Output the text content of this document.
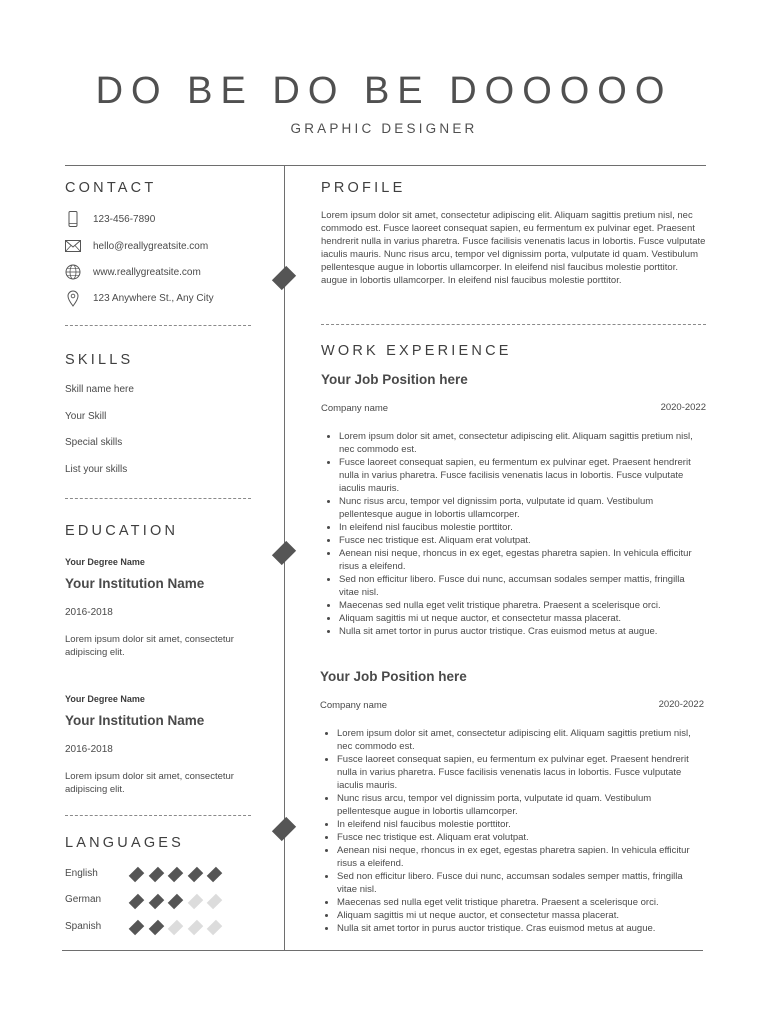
DO BE DO BE DOOOOO
GRAPHIC DESIGNER
CONTACT
123-456-7890
hello@reallygreatsite.com
www.reallygreatsite.com
123 Anywhere St., Any City
SKILLS
Skill name here
Your Skill
Special skills
List your skills
EDUCATION
Your Degree Name
Your Institution Name
2016-2018
Lorem ipsum dolor sit amet, consectetur adipiscing elit.
Your Degree Name
Your Institution Name
2016-2018
Lorem ipsum dolor sit amet, consectetur adipiscing elit.
LANGUAGES
English
German
Spanish
PROFILE
Lorem ipsum dolor sit amet, consectetur adipiscing elit. Aliquam sagittis pretium nisl, nec commodo est. Fusce laoreet consequat sapien, eu fermentum ex pulvinar eget. Praesent hendrerit nulla in varius pharetra. Fusce facilisis venenatis lacus in lobortis. Fusce vulputate iaculis mauris. Nunc risus arcu, tempor vel dignissim porta, vulputate id quam. Vestibulum pellentesque augue in lobortis ullamcorper. In eleifend nisl faucibus molestie porttitor. augue in lobortis ullamcorper. In eleifend nisl faucibus molestie porttitor.
WORK EXPERIENCE
Your Job Position here
Company name	2020-2022
• Lorem ipsum dolor sit amet, consectetur adipiscing elit. Aliquam sagittis pretium nisl, nec commodo est.
• Fusce laoreet consequat sapien, eu fermentum ex pulvinar eget. Praesent hendrerit nulla in varius pharetra. Fusce facilisis venenatis lacus in lobortis. Fusce vulputate iaculis mauris.
• Nunc risus arcu, tempor vel dignissim porta, vulputate id quam. Vestibulum pellentesque augue in lobortis ullamcorper.
• In eleifend nisl faucibus molestie porttitor.
• Fusce nec tristique est. Aliquam erat volutpat.
• Aenean nisi neque, rhoncus in ex eget, egestas pharetra sapien. In vehicula efficitur risus a eleifend.
• Sed non efficitur libero. Fusce dui nunc, accumsan sodales semper mattis, fringilla vitae nisl.
• Maecenas sed nulla eget velit tristique pharetra. Praesent a scelerisque orci.
• Aliquam sagittis mi ut neque auctor, et consectetur massa placerat.
• Nulla sit amet tortor in purus auctor tristique. Cras euismod metus at augue.
Your Job Position here
Company name	2020-2022
• Lorem ipsum dolor sit amet, consectetur adipiscing elit. Aliquam sagittis pretium nisl, nec commodo est.
• Fusce laoreet consequat sapien, eu fermentum ex pulvinar eget. Praesent hendrerit nulla in varius pharetra. Fusce facilisis venenatis lacus in lobortis. Fusce vulputate iaculis mauris.
• Nunc risus arcu, tempor vel dignissim porta, vulputate id quam. Vestibulum pellentesque augue in lobortis ullamcorper.
• In eleifend nisl faucibus molestie porttitor.
• Fusce nec tristique est. Aliquam erat volutpat.
• Aenean nisi neque, rhoncus in ex eget, egestas pharetra sapien. In vehicula efficitur risus a eleifend.
• Sed non efficitur libero. Fusce dui nunc, accumsan sodales semper mattis, fringilla vitae nisl.
• Maecenas sed nulla eget velit tristique pharetra. Praesent a scelerisque orci.
• Aliquam sagittis mi ut neque auctor, et consectetur massa placerat.
• Nulla sit amet tortor in purus auctor tristique. Cras euismod metus at augue.
